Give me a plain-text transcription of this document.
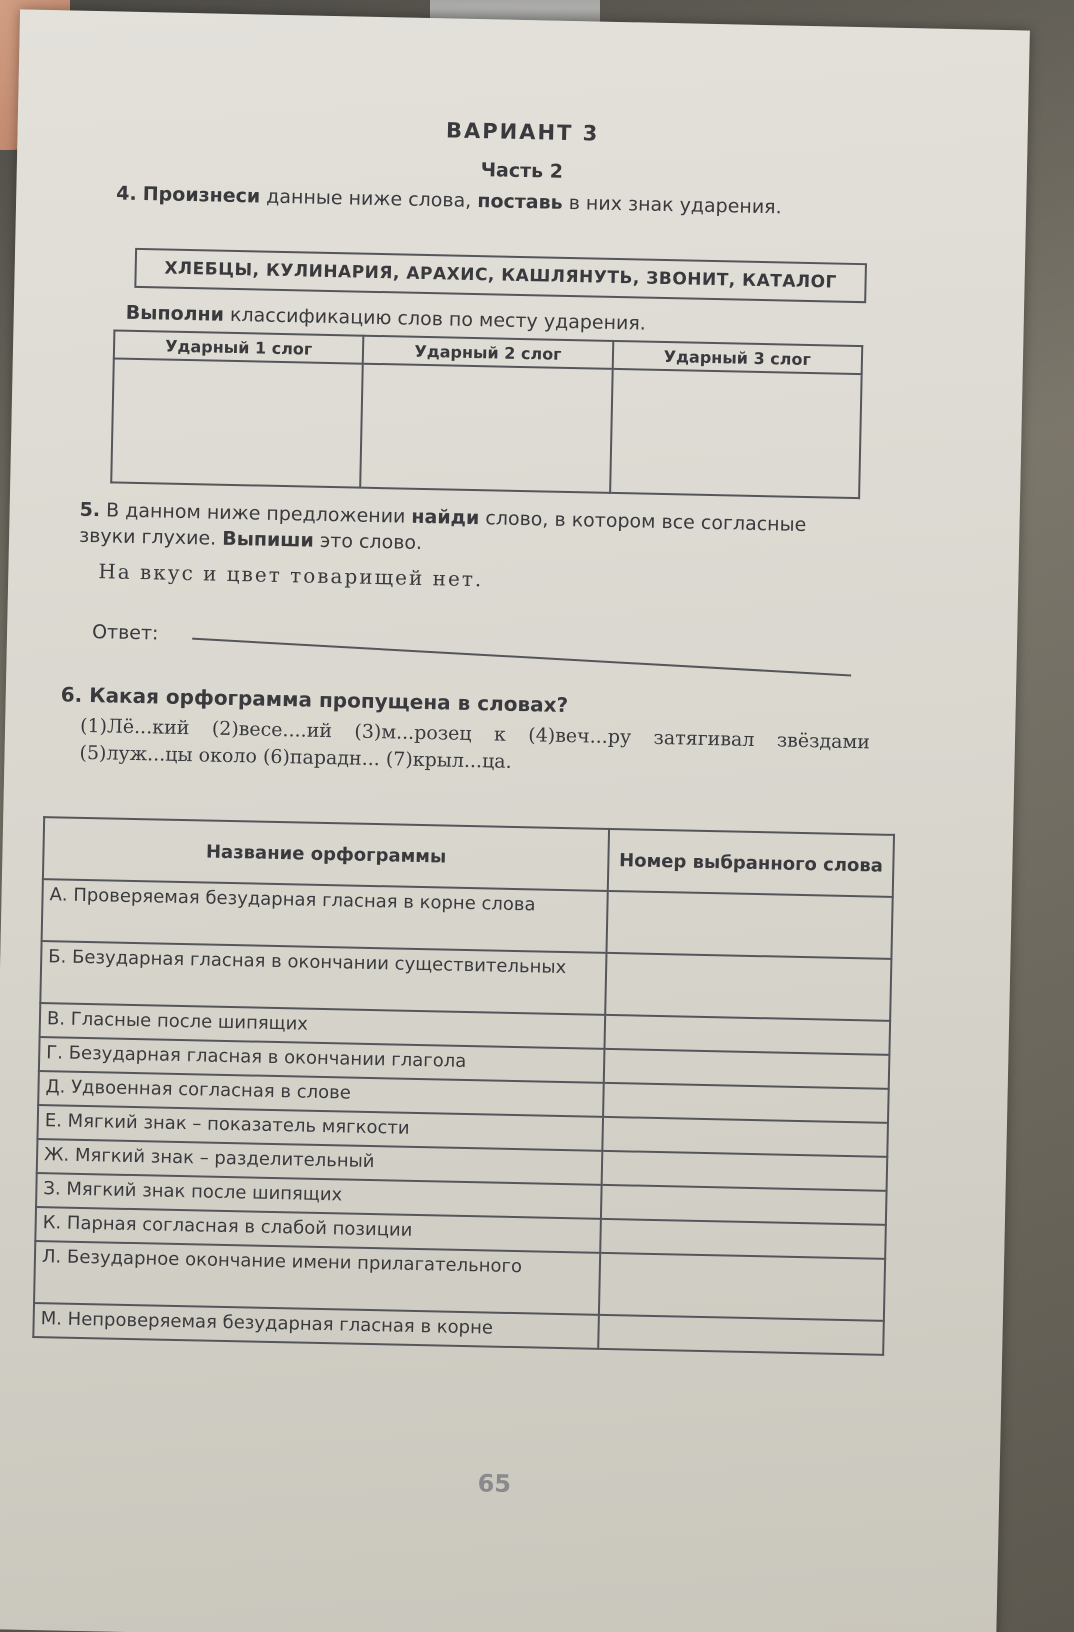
ВАРИАНТ 3
Часть 2
4. Произнеси данные ниже слова, поставь в них знак ударения.
ХЛЕБЦЫ, КУЛИНАРИЯ, АРАХИС, КАШЛЯНУТЬ, ЗВОНИТ, КАТАЛОГ
Выполни классификацию слов по месту ударения.
Ударный 1 слог	Ударный 2 слог	Ударный 3 слог

5. В данном ниже предложении найди слово, в котором все согласные звуки глухие. Выпиши это слово.
На вкус и цвет товарищей нет.
Ответ:
6. Какая орфограмма пропущена в словах?
(1)Лё...кий (2)весе....ий (3)м...розец к (4)веч...ру затягивал звёздами (5)луж...цы около (6)парадн... (7)крыл...ца.
Название орфограммы	Номер выбранного слова
А. Проверяемая безударная гласная в корне слова	
Б. Безударная гласная в окончании существительных	
В. Гласные после шипящих	
Г. Безударная гласная в окончании глагола	
Д. Удвоенная согласная в слове	
Е. Мягкий знак – показатель мягкости	
Ж. Мягкий знак – разделительный	
З. Мягкий знак после шипящих	
К. Парная согласная в слабой позиции	
Л. Безударное окончание имени прилагательного	
М. Непроверяемая безударная гласная в корне	
65
